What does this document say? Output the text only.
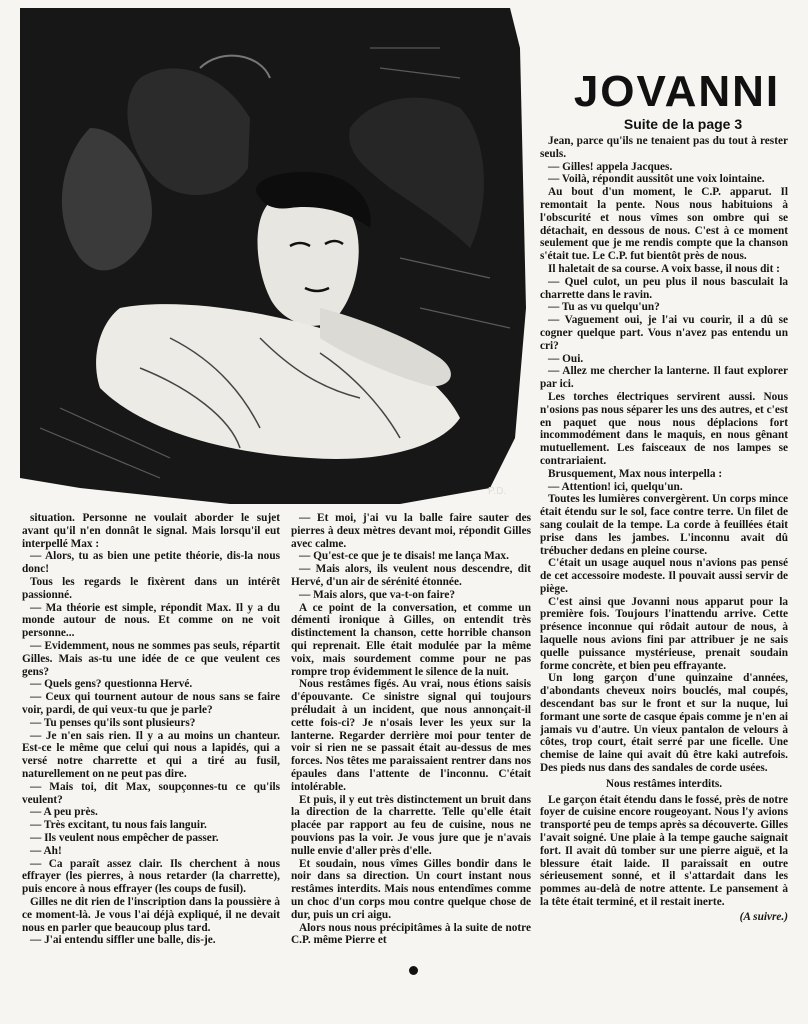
P.D.
JOVANNI
Suite de la page 3

situation. Personne ne voulait aborder le sujet avant qu'il n'en donnât le signal. Mais lorsqu'il eut interpellé Max :

— Alors, tu as bien une petite théorie, dis-la nous donc!

Tous les regards le fixèrent dans un intérêt passionné.

— Ma théorie est simple, répondit Max. Il y a du monde autour de nous. Et comme on ne voit personne...

— Evidemment, nous ne sommes pas seuls, répartit Gilles. Mais as-tu une idée de ce que veulent ces gens?

— Quels gens? questionna Hervé.

— Ceux qui tournent autour de nous sans se faire voir, pardi, de qui veux-tu que je parle?

— Tu penses qu'ils sont plusieurs?

— Je n'en sais rien. Il y a au moins un chanteur. Est-ce le même que celui qui nous a lapidés, qui a versé notre charrette et qui a tiré au fusil, naturellement on ne peut pas dire.

— Mais toi, dit Max, soupçonnes-tu ce qu'ils veulent?

— A peu près.

— Très excitant, tu nous fais languir.

— Ils veulent nous empêcher de passer.

— Ah!

— Ca paraît assez clair. Ils cherchent à nous effrayer (les pierres, à nous retarder (la charrette), puis encore à nous effrayer (les coups de fusil).

Gilles ne dit rien de l'inscription dans la poussière à ce moment-là. Je vous l'ai déjà expliqué, il ne devait nous en parler que beaucoup plus tard.

— J'ai entendu siffler une balle, dis-je.

— Et moi, j'ai vu la balle faire sauter des pierres à deux mètres devant moi, répondit Gilles avec calme.

— Qu'est-ce que je te disais! me lança Max.

— Mais alors, ils veulent nous descendre, dit Hervé, d'un air de sérénité étonnée.

— Mais alors, que va-t-on faire?

A ce point de la conversation, et comme un démenti ironique à Gilles, on entendit très distinctement la chanson, cette horrible chanson qui reprenait. Elle était modulée par la même voix, mais sourdement comme pour ne pas rompre trop évidemment le silence de la nuit.

Nous restâmes figés. Au vrai, nous étions saisis d'épouvante. Ce sinistre signal qui toujours préludait à un incident, que nous annonçait-il cette fois-ci? Je n'osais lever les yeux sur la lanterne. Regarder derrière moi pour tenter de voir si rien ne se passait était au-dessus de mes forces. Nos têtes me paraissaient rentrer dans nos épaules dans l'attente de l'inconnu. C'était intolérable.

Et puis, il y eut très distinctement un bruit dans la direction de la charrette. Telle qu'elle était placée par rapport au feu de cuisine, nous ne pouvions pas la voir. Je vous jure que je n'avais nulle envie d'aller près d'elle.

Et soudain, nous vîmes Gilles bondir dans le noir dans sa direction. Un court instant nous restâmes interdits. Mais nous entendîmes comme un choc d'un corps mou contre quelque chose de dur, puis un cri aigu.

Alors nous nous précipitâmes à la suite de notre C.P. même Pierre et

Jean, parce qu'ils ne tenaient pas du tout à rester seuls.

— Gilles! appela Jacques.

— Voilà, répondit aussitôt une voix lointaine.

Au bout d'un moment, le C.P. apparut. Il remontait la pente. Nous nous habituions à l'obscurité et nous vîmes son ombre qui se détachait, en dessous de nous. C'est à ce moment seulement que je me rendis compte que la chanson s'était tue. Le C.P. fut bientôt près de nous.

Il haletait de sa course. A voix basse, il nous dit :

— Quel culot, un peu plus il nous basculait la charrette dans le ravin.

— Tu as vu quelqu'un?

— Vaguement oui, je l'ai vu courir, il a dû se cogner quelque part. Vous n'avez pas entendu un cri?

— Oui.

— Allez me chercher la lanterne. Il faut explorer par ici.

Les torches électriques servirent aussi. Nous n'osions pas nous séparer les uns des autres, et c'est en paquet que nous nous déplacions fort incommodément dans le maquis, en nous gênant mutuellement. Les faisceaux de nos lampes se contrariaient.

Brusquement, Max nous interpella :

— Attention! ici, quelqu'un.

Toutes les lumières convergèrent. Un corps mince était étendu sur le sol, face contre terre. Un filet de sang coulait de la tempe. La corde à feuillées était prise dans les jambes. L'inconnu avait dû trébucher dedans en pleine course.

C'était un usage auquel nous n'avions pas pensé de cet accessoire modeste. Il pouvait aussi servir de piège.

C'est ainsi que Jovanni nous apparut pour la première fois. Toujours l'inattendu arrive. Cette présence inconnue qui rôdait autour de nous, à laquelle nous avions fini par attribuer je ne sais quelle puissance mystérieuse, prenait soudain forme concrète, et bien peu effrayante.

Un long garçon d'une quinzaine d'années, d'abondants cheveux noirs bouclés, mal coupés, descendant bas sur le front et sur la nuque, lui formant une sorte de casque épais comme je n'en ai jamais vu d'autre. Un vieux pantalon de velours à côtes, trop court, était serré par une ficelle. Une chemise de laine qui avait dû être kaki autrefois. Des pieds nus dans des sandales de corde usées.

Nous restâmes interdits.

Le garçon était étendu dans le fossé, près de notre foyer de cuisine encore rougeoyant. Nous l'y avions transporté peu de temps après sa découverte. Gilles l'avait soigné. Une plaie à la tempe gauche saignait fort. Il avait dû tomber sur une pierre aiguë, et la blessure était laide. Il paraissait en outre sérieusement sonné, et il s'attardait dans les pommes au-delà de notre attente. Le pansement à la tête était terminé, et il restait inerte.

(A suivre.)
